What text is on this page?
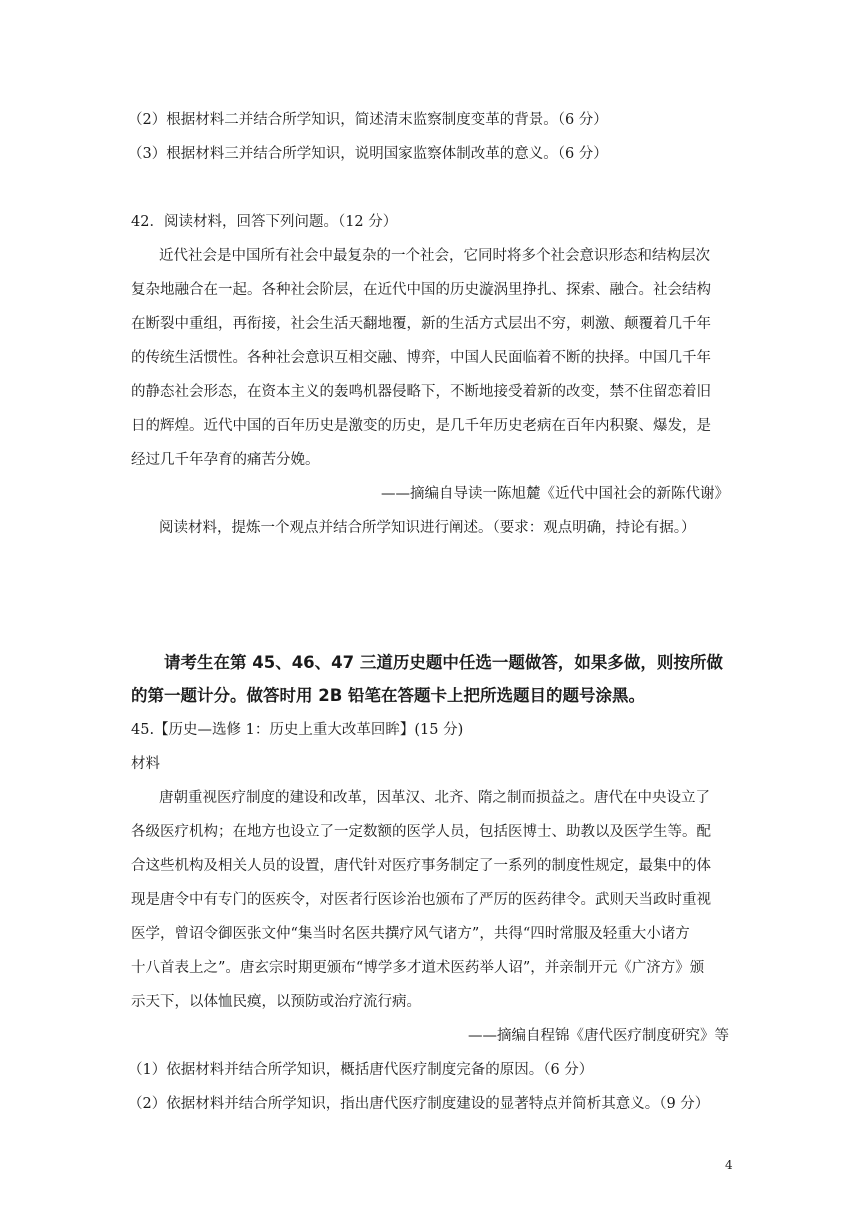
（2）根据材料二并结合所学知识，简述清末监察制度变革的背景。（6 分）
（3）根据材料三并结合所学知识，说明国家监察体制改革的意义。（6 分）
42．阅读材料，回答下列问题。（12 分）
近代社会是中国所有社会中最复杂的一个社会，它同时将多个社会意识形态和结构层次
复杂地融合在一起。各种社会阶层，在近代中国的历史漩涡里挣扎、探索、融合。社会结构
在断裂中重组，再衔接，社会生活天翻地覆，新的生活方式层出不穷，刺激、颠覆着几千年
的传统生活惯性。各种社会意识互相交融、博弈，中国人民面临着不断的抉择。中国几千年
的静态社会形态，在资本主义的轰鸣机器侵略下，不断地接受着新的改变，禁不住留恋着旧
日的辉煌。近代中国的百年历史是激变的历史，是几千年历史老病在百年内积聚、爆发，是
经过几千年孕育的痛苦分娩。
——摘编自导读一陈旭麓《近代中国社会的新陈代谢》
阅读材料，提炼一个观点并结合所学知识进行阐述。（要求：观点明确，持论有据。）
请考生在第 45、46、47 三道历史题中任选一题做答，如果多做，则按所做
的第一题计分。做答时用 2B 铅笔在答题卡上把所选题目的题号涂黑。
45.【历史—选修 1：历史上重大改革回眸】(15 分)
材料
唐朝重视医疗制度的建设和改革，因革汉、北齐、隋之制而损益之。唐代在中央设立了
各级医疗机构；在地方也设立了一定数额的医学人员，包括医博士、助教以及医学生等。配
合这些机构及相关人员的设置，唐代针对医疗事务制定了一系列的制度性规定，最集中的体
现是唐令中有专门的医疾令，对医者行医诊治也颁布了严厉的医药律令。武则天当政时重视
医学，曾诏令御医张文仲“集当时名医共撰疗风气诸方”，共得“四时常服及轻重大小诸方
十八首表上之”。唐玄宗时期更颁布“博学多才道术医药举人诏”，并亲制开元《广济方》颁
示天下，以体恤民瘼，以预防或治疗流行病。
——摘编自程锦《唐代医疗制度研究》等
（1）依据材料并结合所学知识，概括唐代医疗制度完备的原因。（6 分）
（2）依据材料并结合所学知识，指出唐代医疗制度建设的显著特点并简析其意义。（9 分）
4
